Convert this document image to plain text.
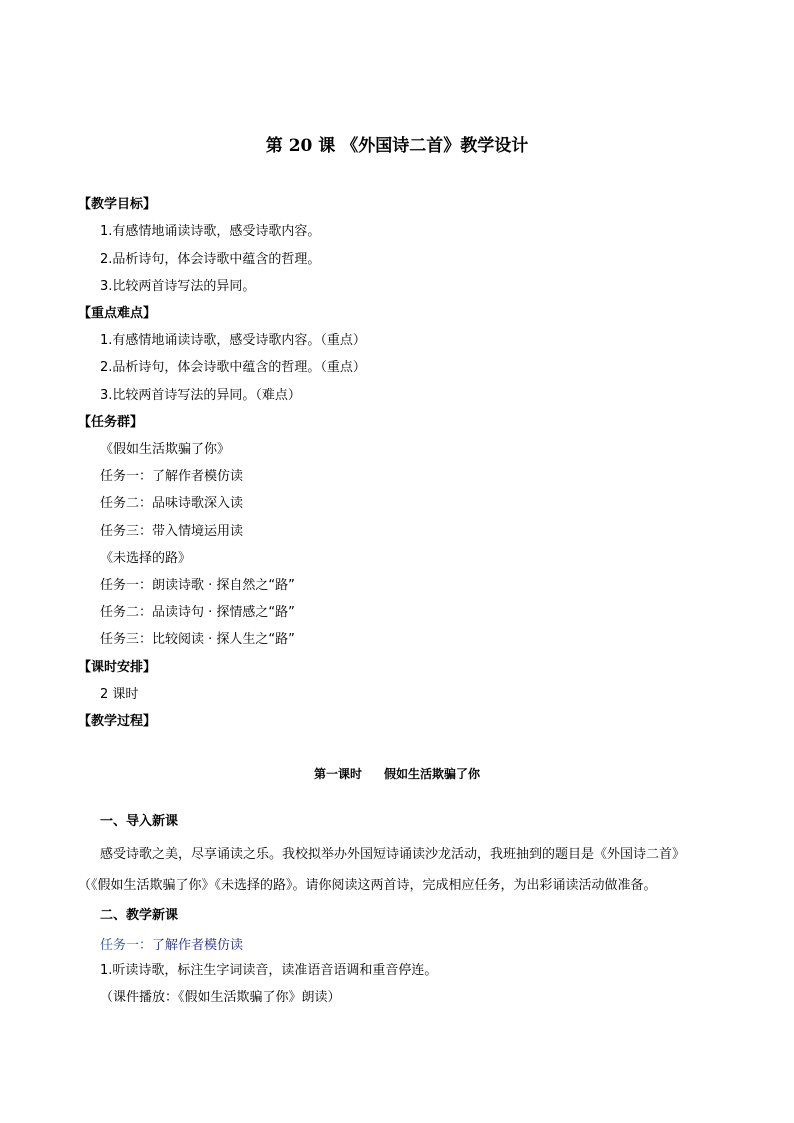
第 20 课 《外国诗二首》教学设计
【教学目标】
1.有感情地诵读诗歌，感受诗歌内容。
2.品析诗句，体会诗歌中蕴含的哲理。
3.比较两首诗写法的异同。
【重点难点】
1.有感情地诵读诗歌，感受诗歌内容。（重点）
2.品析诗句，体会诗歌中蕴含的哲理。（重点）
3.比较两首诗写法的异同。（难点）
【任务群】
《假如生活欺骗了你》
任务一：了解作者模仿读
任务二：品味诗歌深入读
任务三：带入情境运用读
《未选择的路》
任务一：朗读诗歌 · 探自然之“路”
任务二：品读诗句 · 探情感之“路”
任务三：比较阅读 · 探人生之“路”
【课时安排】
2 课时
【教学过程】
第一课时 假如生活欺骗了你
一、导入新课
感受诗歌之美，尽享诵读之乐。我校拟举办外国短诗诵读沙龙活动，我班抽到的题目是《外国诗二首》
（《假如生活欺骗了你》《未选择的路》。请你阅读这两首诗，完成相应任务，为出彩诵读活动做准备。
二、教学新课
任务一：了解作者模仿读
1.听读诗歌，标注生字词读音，读准语音语调和重音停连。
（课件播放：《假如生活欺骗了你》朗读）
